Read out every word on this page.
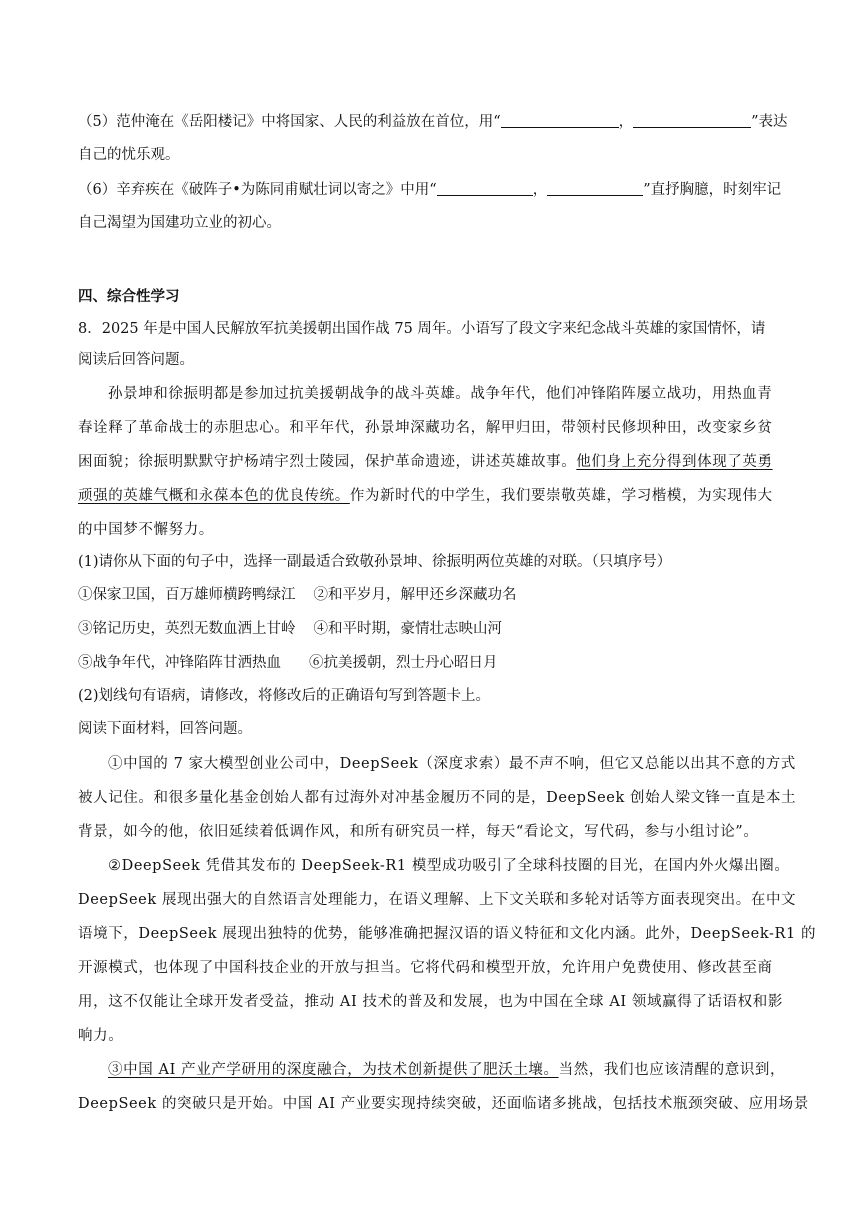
（5）范仲淹在《岳阳楼记》中将国家、人民的利益放在首位，用“	，	”表达
自己的忧乐观。
（6）辛弃疾在《破阵子•为陈同甫赋壮词以寄之》中用“	，	”直抒胸臆，时刻牢记
自己渴望为国建功立业的初心。
四、综合性学习
8．2025 年是中国人民解放军抗美援朝出国作战 75 周年。小语写了段文字来纪念战斗英雄的家国情怀，请
阅读后回答问题。
孙景坤和徐振明都是参加过抗美援朝战争的战斗英雄。战争年代，他们冲锋陷阵屡立战功，用热血青
春诠释了革命战士的赤胆忠心。和平年代，孙景坤深藏功名，解甲归田，带领村民修坝种田，改变家乡贫
困面貌；徐振明默默守护杨靖宇烈士陵园，保护革命遗迹，讲述英雄故事。他们身上充分得到体现了英勇
顽强的英雄气概和永葆本色的优良传统。作为新时代的中学生，我们要崇敬英雄，学习楷模，为实现伟大
的中国梦不懈努力。
(1)请你从下面的句子中，选择一副最适合致敬孙景坤、徐振明两位英雄的对联。（只填序号）
①保家卫国，百万雄师横跨鸭绿江 ②和平岁月，解甲还乡深藏功名
③铭记历史，英烈无数血洒上甘岭 ④和平时期，豪情壮志映山河
⑤战争年代，冲锋陷阵甘洒热血 ⑥抗美援朝，烈士丹心昭日月
(2)划线句有语病，请修改，将修改后的正确语句写到答题卡上。
阅读下面材料，回答问题。
①中国的 7 家大模型创业公司中，DeepSeek（深度求索）最不声不响，但它又总能以出其不意的方式
被人记住。和很多量化基金创始人都有过海外对冲基金履历不同的是，DeepSeek 创始人梁文锋一直是本土
背景，如今的他，依旧延续着低调作风，和所有研究员一样，每天“看论文，写代码，参与小组讨论”。
②DeepSeek 凭借其发布的 DeepSeek-R1 模型成功吸引了全球科技圈的目光，在国内外火爆出圈。
DeepSeek 展现出强大的自然语言处理能力，在语义理解、上下文关联和多轮对话等方面表现突出。在中文
语境下，DeepSeek 展现出独特的优势，能够准确把握汉语的语义特征和文化内涵。此外，DeepSeek-R1 的
开源模式，也体现了中国科技企业的开放与担当。它将代码和模型开放，允许用户免费使用、修改甚至商
用，这不仅能让全球开发者受益，推动 AI 技术的普及和发展，也为中国在全球 AI 领域赢得了话语权和影
响力。
③中国 AI 产业产学研用的深度融合，为技术创新提供了肥沃土壤。当然，我们也应该清醒的意识到，
DeepSeek 的突破只是开始。中国 AI 产业要实现持续突破，还面临诸多挑战，包括技术瓶颈突破、应用场景
